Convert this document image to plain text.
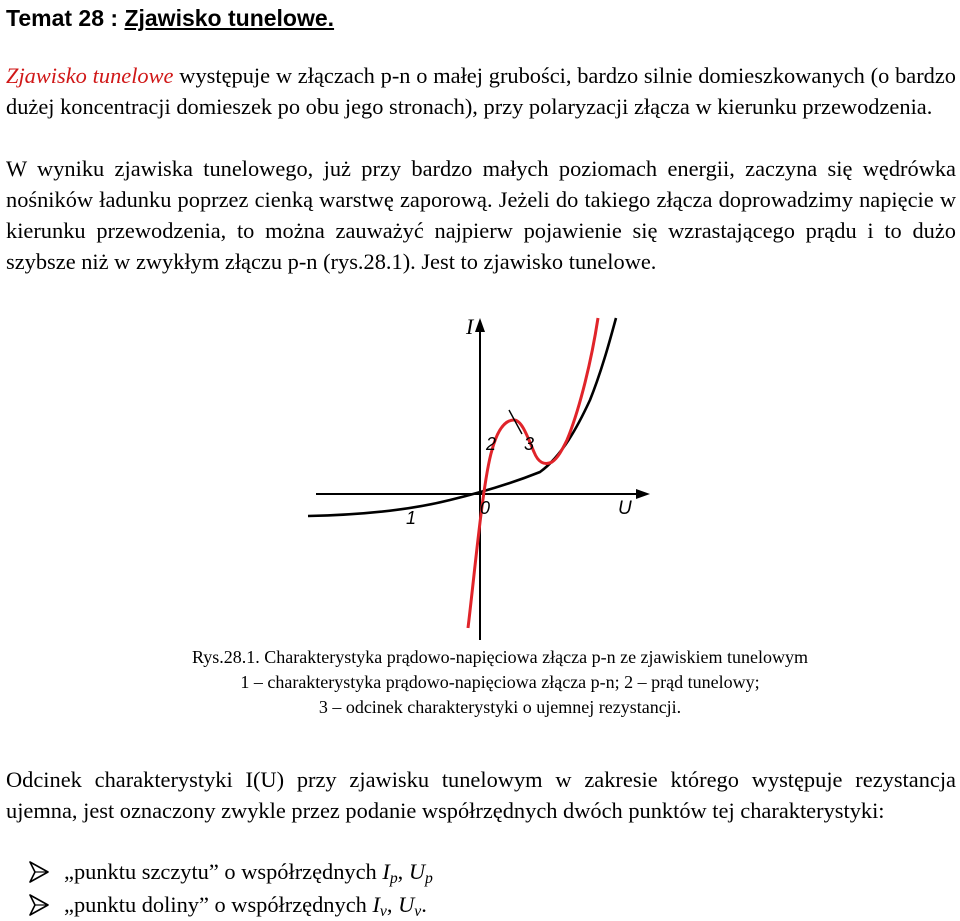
Temat 28 : Zjawisko tunelowe.

Zjawisko tunelowe występuje w złączach p-n o małej grubości, bardzo silnie domieszkowanych (o bardzo dużej koncentracji domieszek po obu jego stronach), przy polaryzacji złącza w kierunku przewodzenia.

W wyniku zjawiska tunelowego, już przy bardzo małych poziomach energii, zaczyna się wędrówka nośników ładunku poprzez cienką warstwę zaporową. Jeżeli do takiego złącza doprowadzimy napięcie w kierunku przewodzenia, to można zauważyć najpierw pojawienie się wzrastającego prądu i to dużo szybsze niż w zwykłym złączu p-n (rys.28.1). Jest to zjawisko tunelowe.

I
U
0
1
2 3
Rys.28.1. Charakterystyka prądowo-napięciowa złącza p-n ze zjawiskiem tunelowym
1 – charakterystyka prądowo-napięciowa złącza p-n; 2 – prąd tunelowy;
3 – odcinek charakterystyki o ujemnej rezystancji.

Odcinek charakterystyki I(U) przy zjawisku tunelowym w zakresie którego występuje rezystancja ujemna, jest oznaczony zwykle przez podanie współrzędnych dwóch punktów tej charakterystyki:

„punktu szczytu” o współrzędnych $I_p$, $U_p$
„punktu doliny” o współrzędnych $I_v$, $U_v$.
